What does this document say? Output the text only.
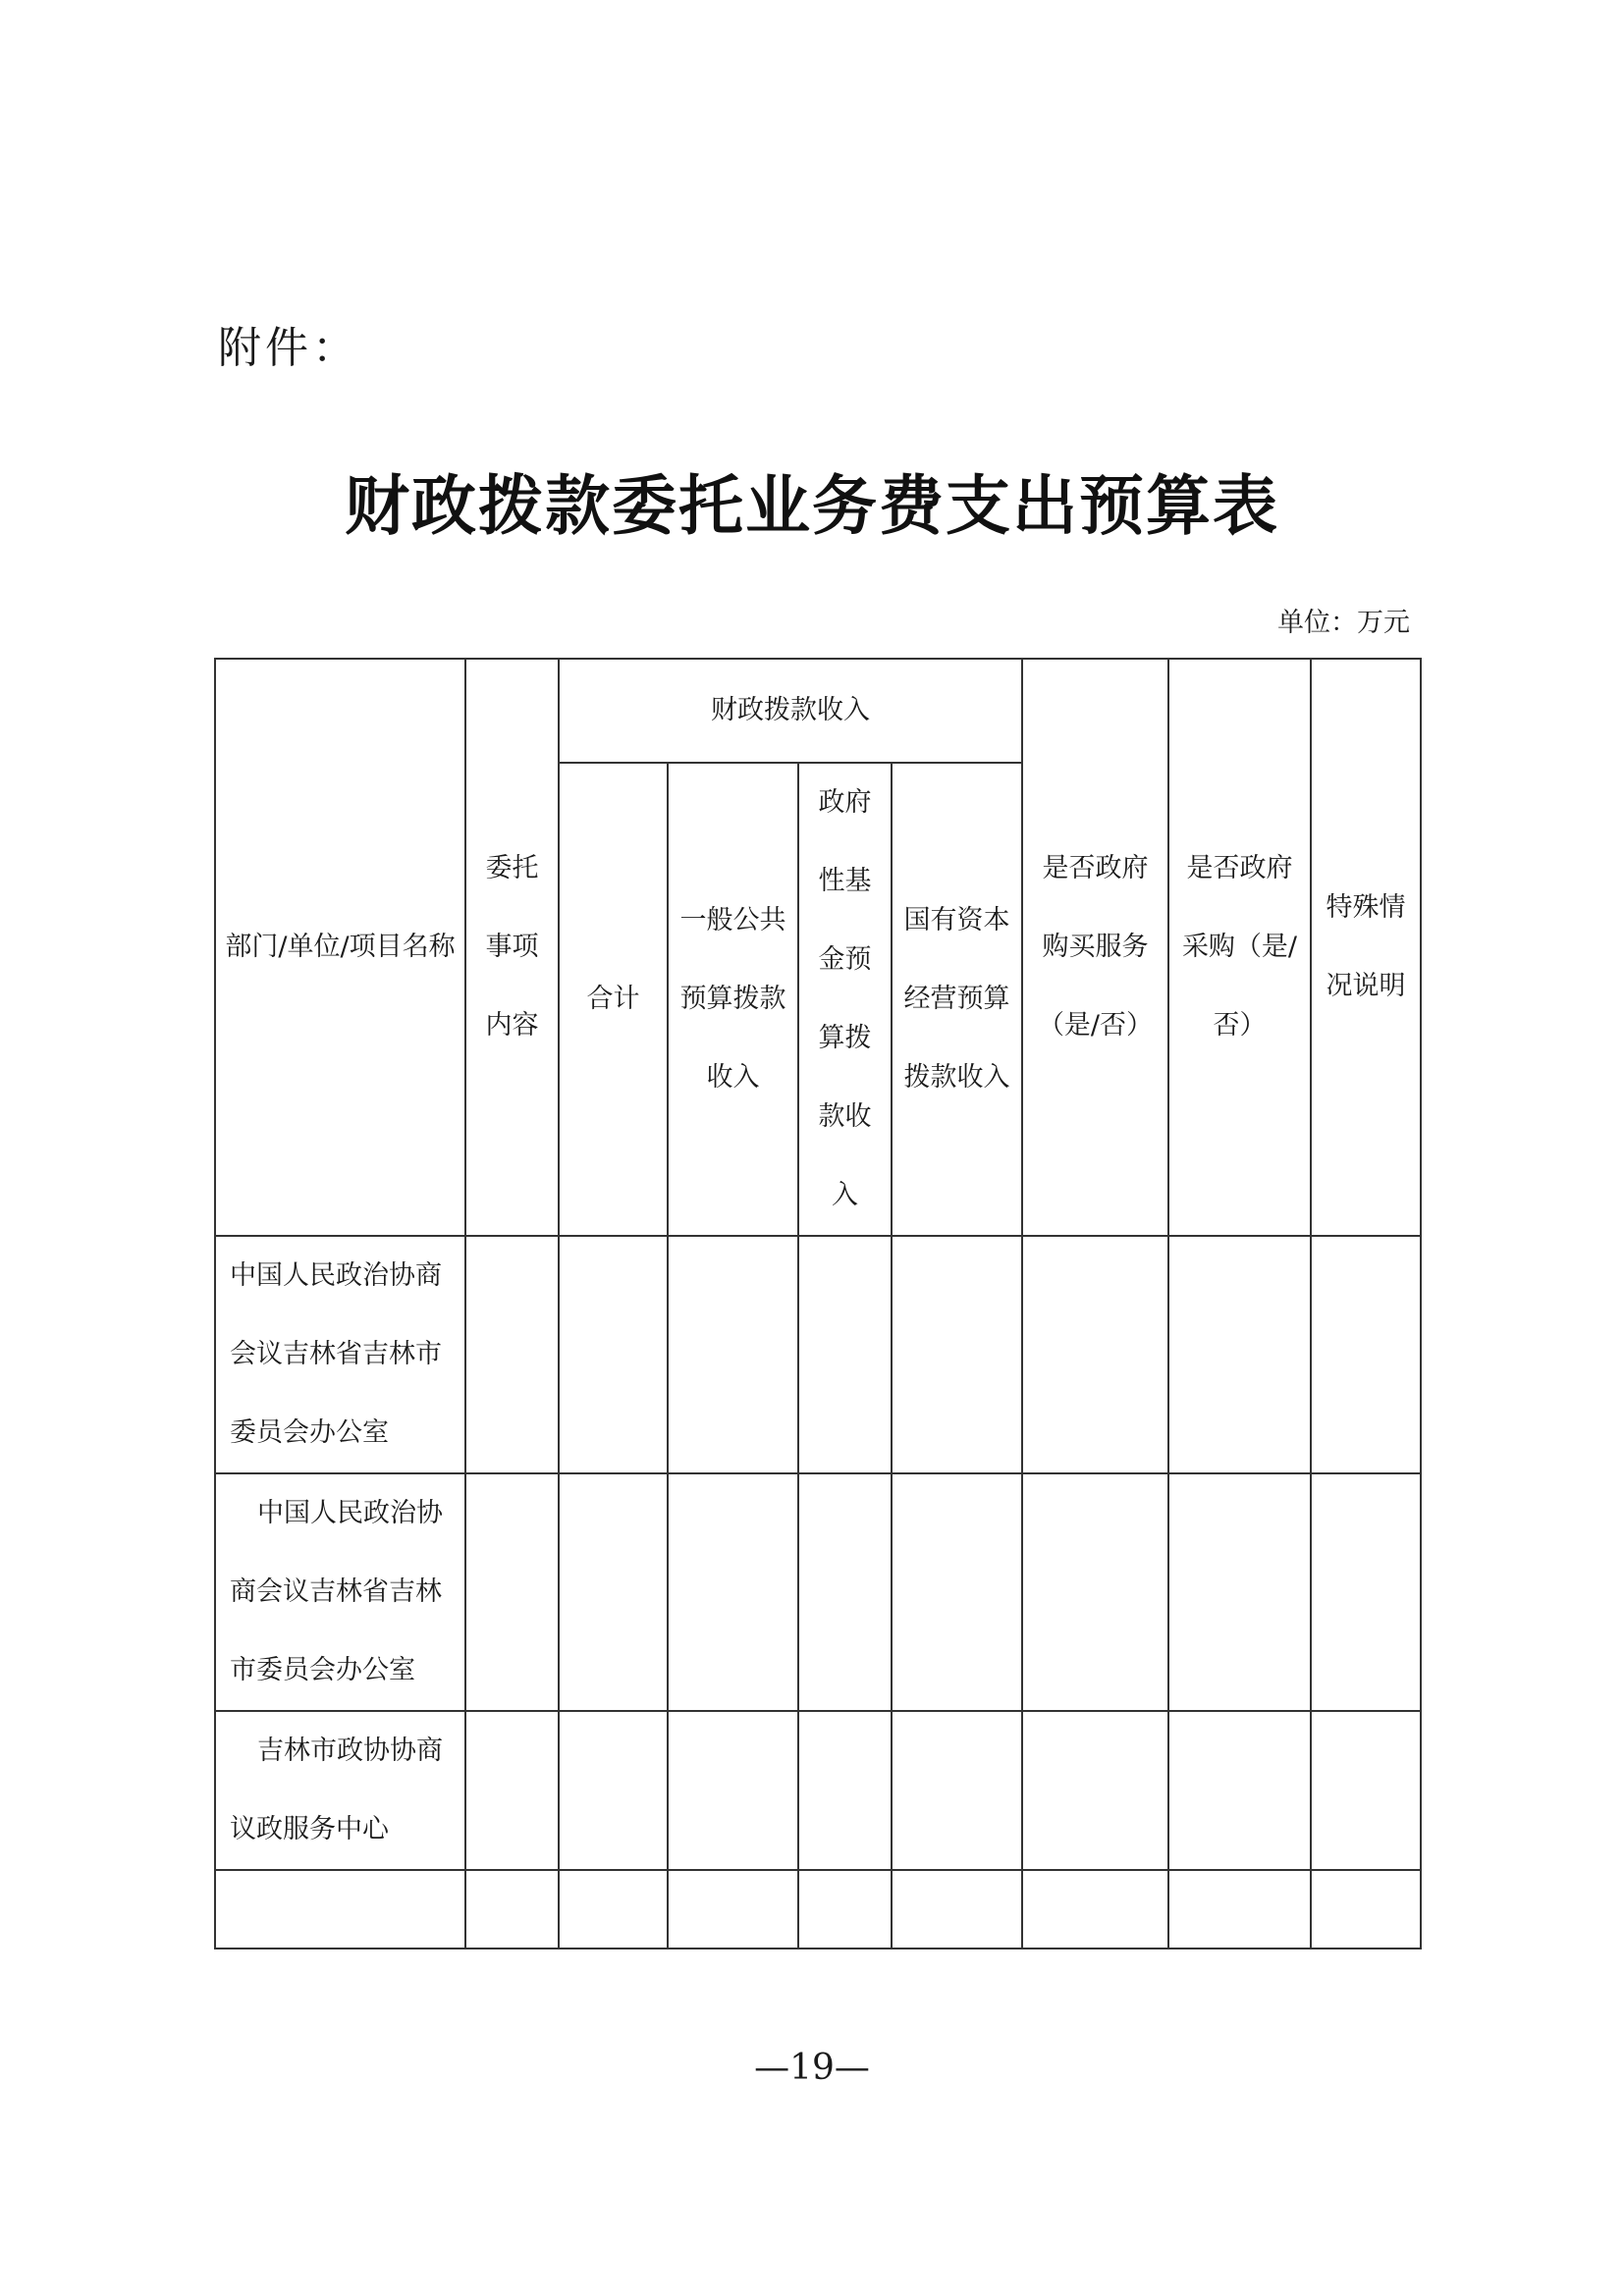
附件：
财政拨款委托业务费支出预算表
单位：万元
部门/单位/项目名称	委托事项内容	财政拨款收入				是否政府购买服务（是/否）	是否政府采购（是/否）	特殊情况说明
		合计	一般公共预算拨款收入	政府性基金预算拨款收入	国有资本经营预算拨款收入			
中国人民政治协商会议吉林省吉林市委员会办公室								
中国人民政治协商会议吉林省吉林市委员会办公室								
吉林市政协协商议政服务中心								

—19—
